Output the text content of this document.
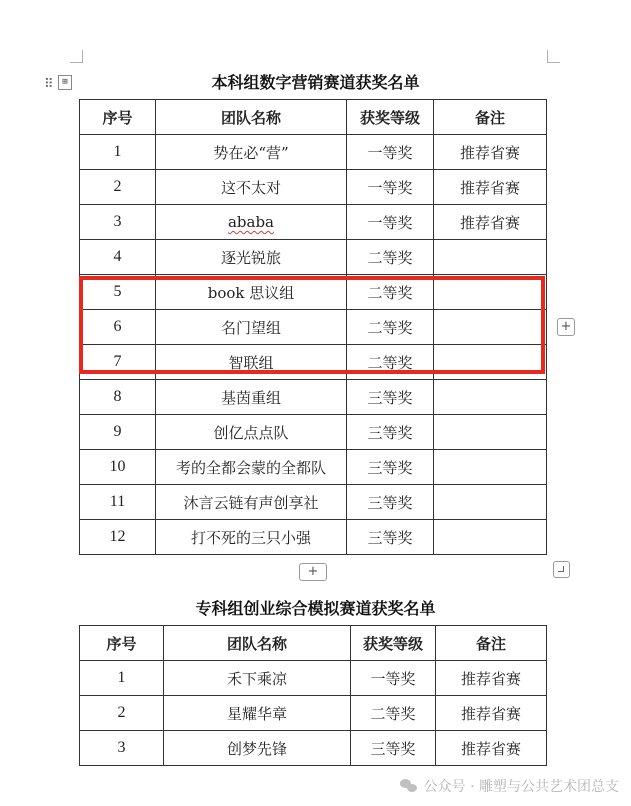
⠿	⊞	本科组数字营销赛道获奖名单
序号	团队名称	获奖等级	备注
1	势在必“营”	一等奖	推荐省赛
2	这不太对	一等奖	推荐省赛
3	ababa	一等奖	推荐省赛
4	逐光锐旅	二等奖	
5	book 思议组	二等奖	
6	名门望组	二等奖	
7	智联组	二等奖	
8	基茵重组	三等奖	
9	创亿点点队	三等奖	
10	考的全都会蒙的全都队	三等奖	
11	沐言云链有声创享社	三等奖	
12	打不死的三只小强	三等奖	
+
+
专科组创业综合模拟赛道获奖名单
序号	团队名称	获奖等级	备注
1	禾下乘凉	一等奖	推荐省赛
2	星耀华章	二等奖	推荐省赛
3	创梦先锋	三等奖	推荐省赛
公众号 · 雕塑与公共艺术团总支
